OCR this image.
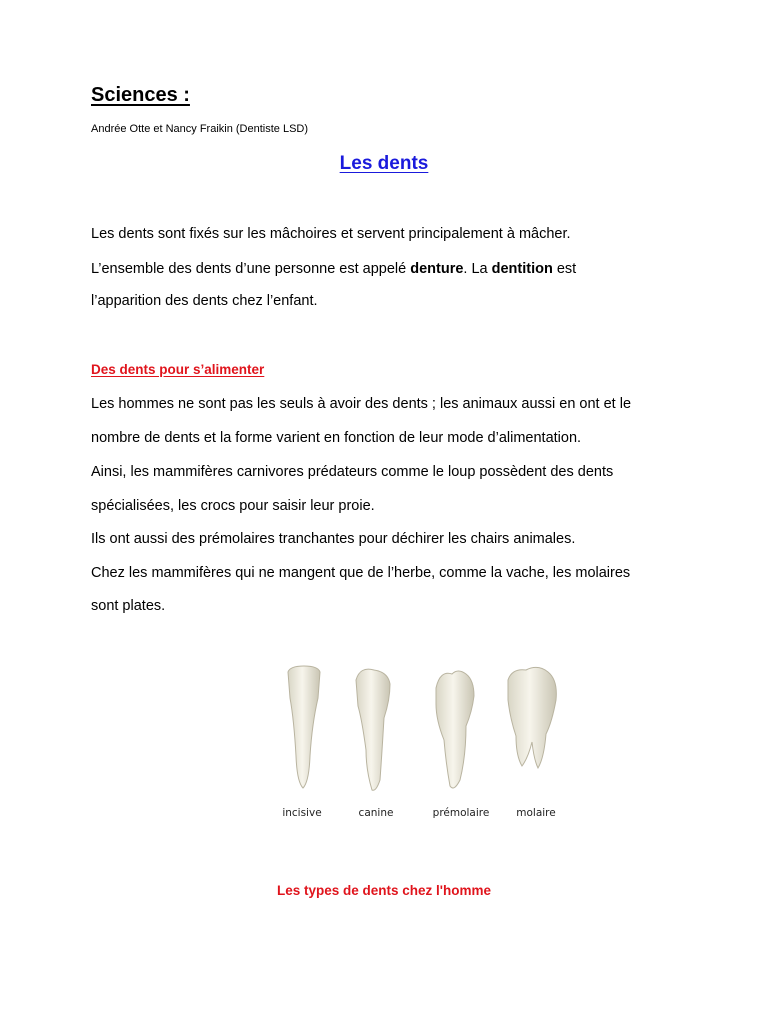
Sciences :
Andrée Otte et Nancy Fraikin (Dentiste LSD)
Les dents
Les dents sont fixés sur les mâchoires et servent principalement à mâcher.
L’ensemble des dents d’une personne est appelé denture. La dentition est
l’apparition des dents chez l’enfant.
Des dents pour s’alimenter
Les hommes ne sont pas les seuls à avoir des dents ; les animaux aussi en ont et le
nombre de dents et la forme varient en fonction de leur mode d’alimentation.
Ainsi, les mammifères carnivores prédateurs comme le loup possèdent des dents
spécialisées, les crocs pour saisir leur proie.
Ils ont aussi des prémolaires tranchantes pour déchirer les chairs animales.
Chez les mammifères qui ne mangent que de l’herbe, comme la vache, les molaires
sont plates.
incisive	canine	prémolaire	molaire
Les types de dents chez l'homme
